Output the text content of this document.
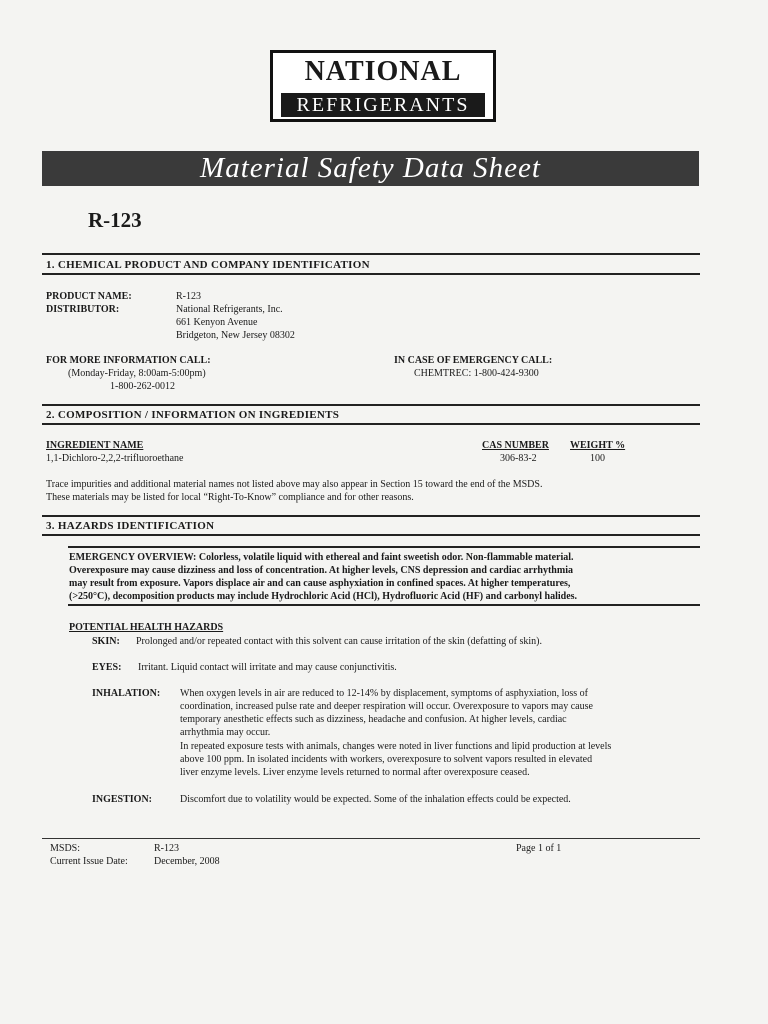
NATIONAL
REFRIGERANTS
Material Safety Data Sheet
R-123
1. CHEMICAL PRODUCT AND COMPANY IDENTIFICATION
PRODUCT NAME:	R-123
DISTRIBUTOR:	National Refrigerants, Inc.
661 Kenyon Avenue
Bridgeton, New Jersey 08302
FOR MORE INFORMATION CALL:
(Monday-Friday, 8:00am-5:00pm)
1-800-262-0012
IN CASE OF EMERGENCY CALL:
CHEMTREC: 1-800-424-9300
2. COMPOSITION / INFORMATION ON INGREDIENTS
INGREDIENT NAME	CAS NUMBER WEIGHT %
1,1-Dichloro-2,2,2-trifluoroethane	306-83-2	100
Trace impurities and additional material names not listed above may also appear in Section 15 toward the end of the MSDS.
These materials may be listed for local “Right-To-Know” compliance and for other reasons.
3. HAZARDS IDENTIFICATION
EMERGENCY OVERVIEW: Colorless, volatile liquid with ethereal and faint sweetish odor. Non-flammable material.
Overexposure may cause dizziness and loss of concentration. At higher levels, CNS depression and cardiac arrhythmia
may result from exposure. Vapors displace air and can cause asphyxiation in confined spaces. At higher temperatures,
(>250°C), decomposition products may include Hydrochloric Acid (HCl), Hydrofluoric Acid (HF) and carbonyl halides.
POTENTIAL HEALTH HAZARDS
SKIN: Prolonged and/or repeated contact with this solvent can cause irritation of the skin (defatting of skin).
EYES: Irritant. Liquid contact will irritate and may cause conjunctivitis.
INHALATION: When oxygen levels in air are reduced to 12-14% by displacement, symptoms of asphyxiation, loss of
coordination, increased pulse rate and deeper respiration will occur. Overexposure to vapors may cause
temporary anesthetic effects such as dizziness, headache and confusion. At higher levels, cardiac
arrhythmia may occur.
In repeated exposure tests with animals, changes were noted in liver functions and lipid production at levels
above 100 ppm. In isolated incidents with workers, overexposure to solvent vapors resulted in elevated
liver enzyme levels. Liver enzyme levels returned to normal after overexposure ceased.
INGESTION:	Discomfort due to volatility would be expected. Some of the inhalation effects could be expected.
MSDS:	R-123
Current Issue Date:	December, 2008
Page 1 of 1
